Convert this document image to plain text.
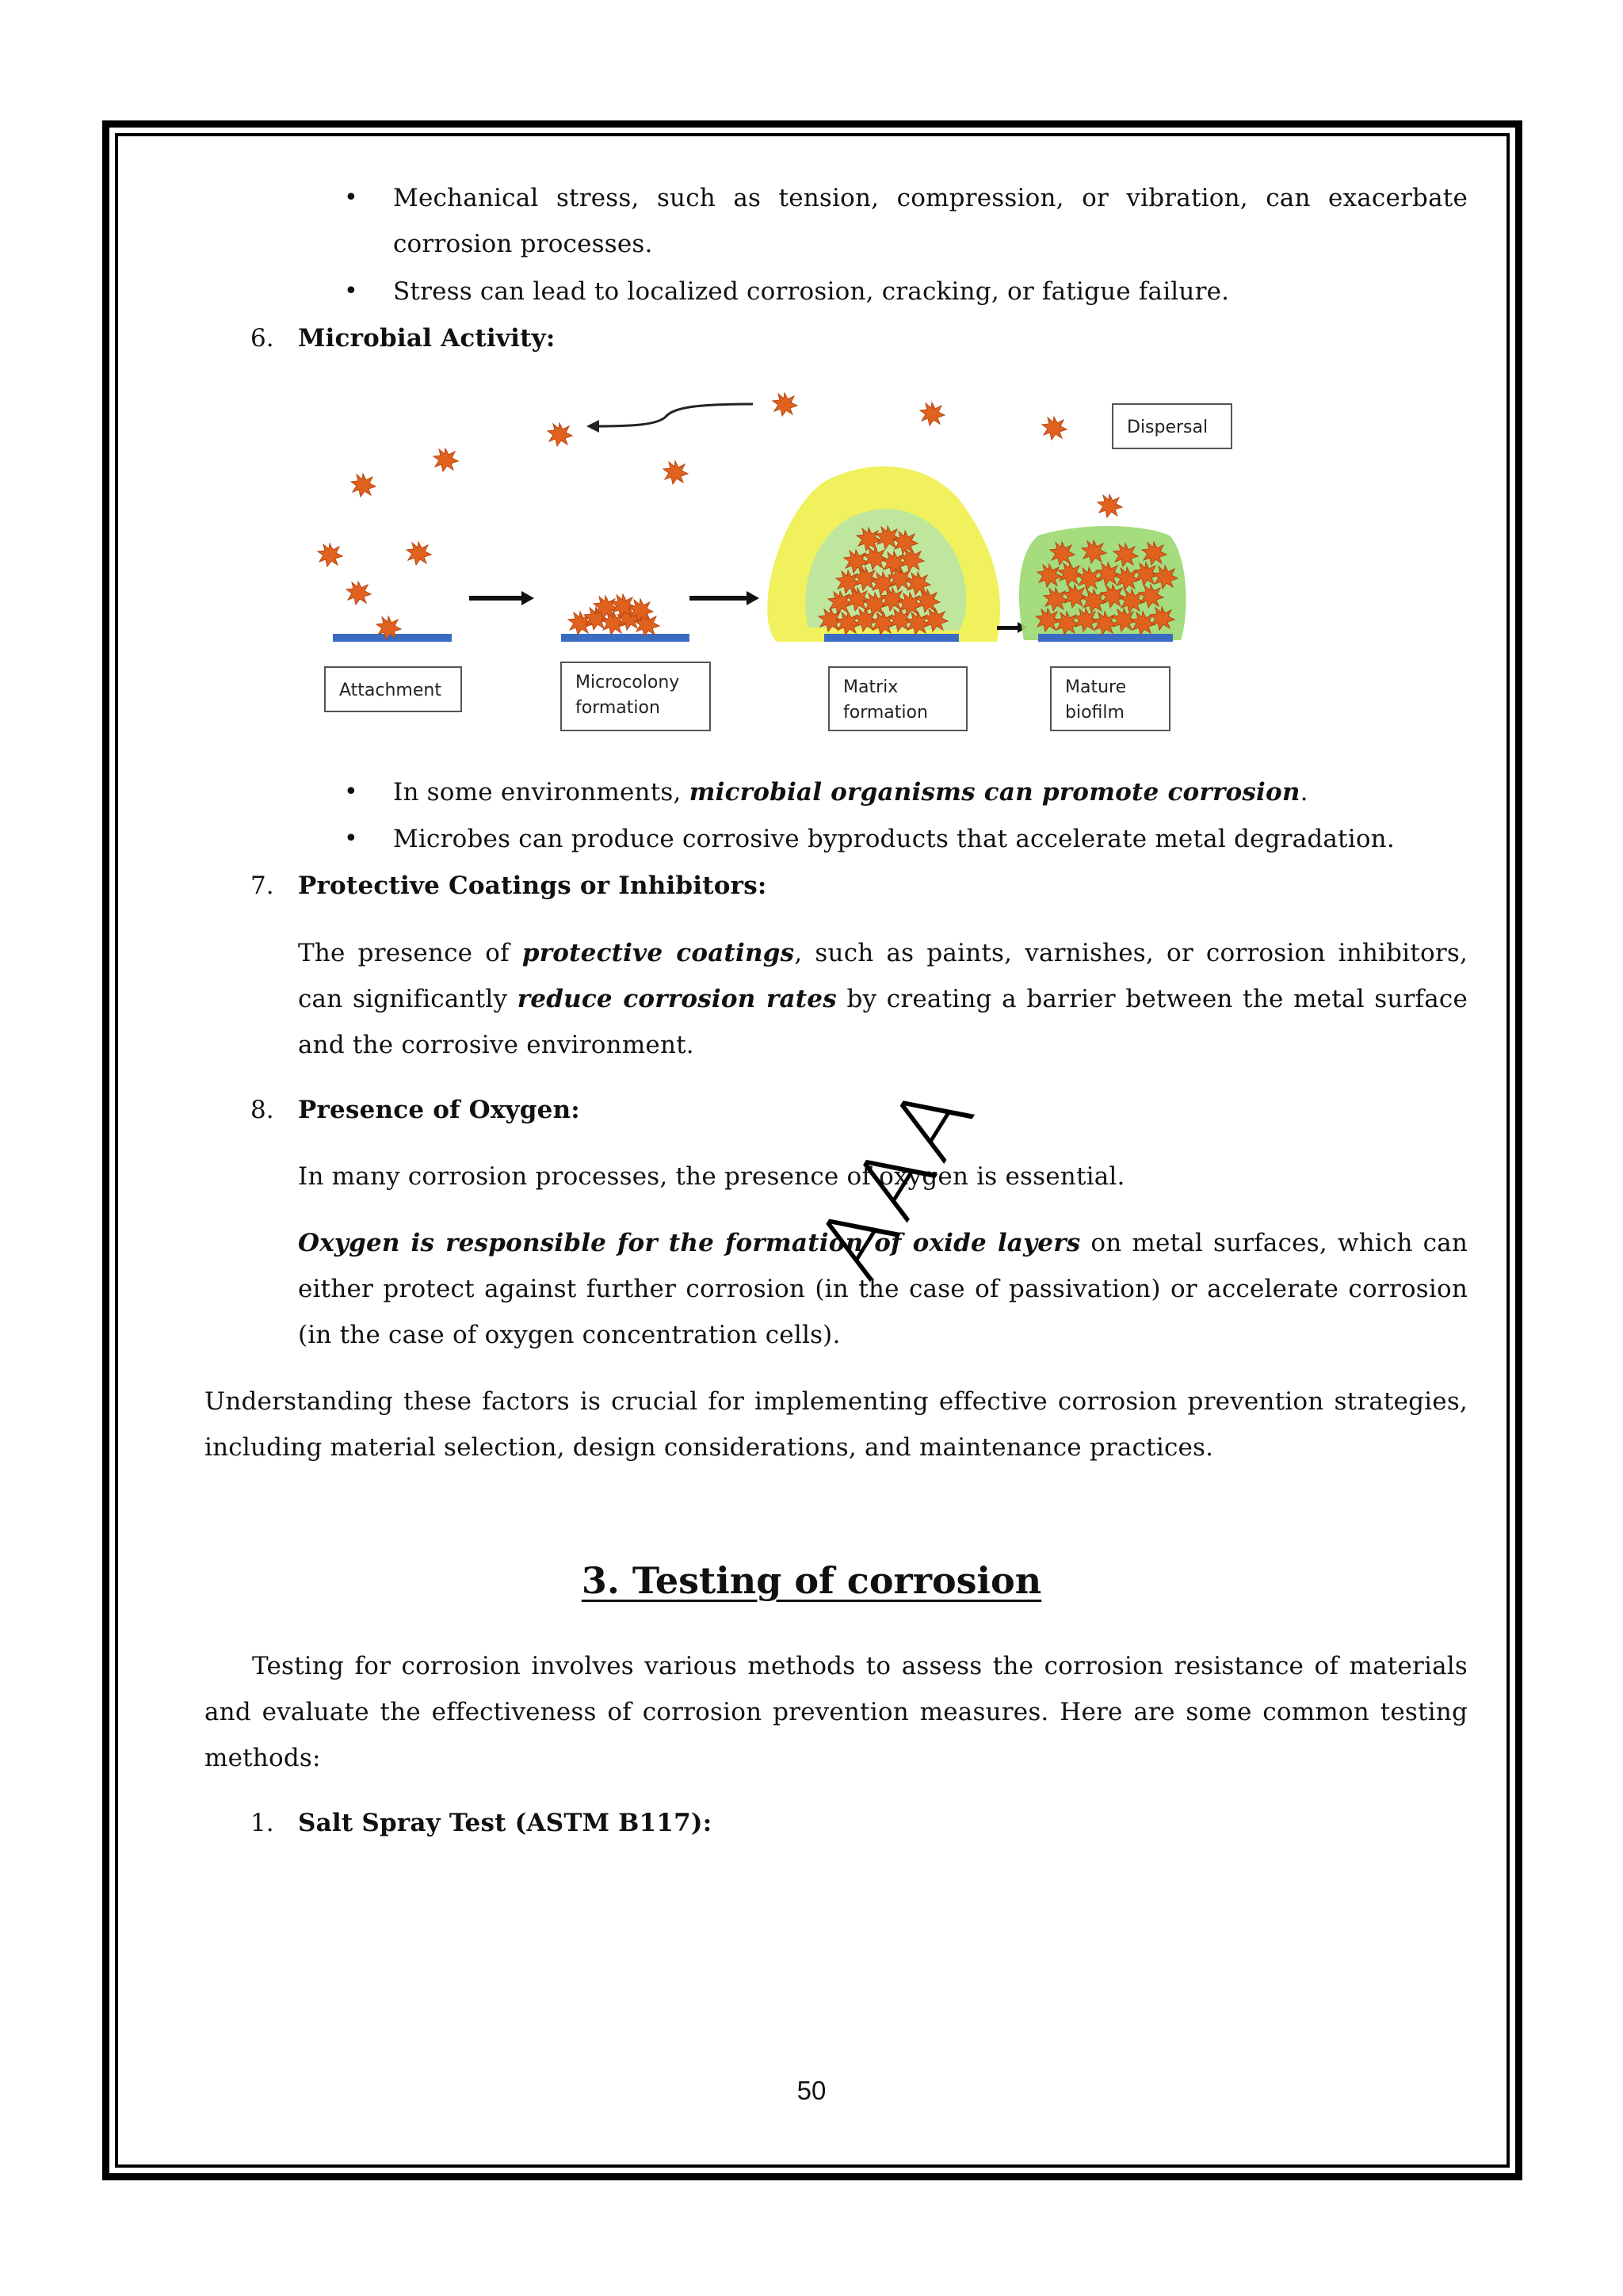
• Mechanical stress, such as tension, compression, or vibration, can exacerbate
corrosion processes.
• Stress can lead to localized corrosion, cracking, or fatigue failure.
6. Microbial Activity:
Attachment	Microcolony
formation
Matrix
formation
Mature
biofilm
Dispersal
• In some environments, microbial organisms can promote corrosion.
• Microbes can produce corrosive byproducts that accelerate metal degradation.
7. Protective Coatings or Inhibitors:
The presence of protective coatings, such as paints, varnishes, or corrosion inhibitors,
can significantly reduce corrosion rates by creating a barrier between the metal surface
and the corrosive environment.
8. Presence of Oxygen:
In many corrosion processes, the presence of oxygen is essential.
Oxygen is responsible for the formation of oxide layers on metal surfaces, which can
either protect against further corrosion (in the case of passivation) or accelerate corrosion
(in the case of oxygen concentration cells).
Understanding these factors is crucial for implementing effective corrosion prevention strategies,
including material selection, design considerations, and maintenance practices.
3. Testing of corrosion
Testing for corrosion involves various methods to assess the corrosion resistance of materials
and evaluate the effectiveness of corrosion prevention measures. Here are some common testing
methods:
1. Salt Spray Test (ASTM B117):
AAA
50
